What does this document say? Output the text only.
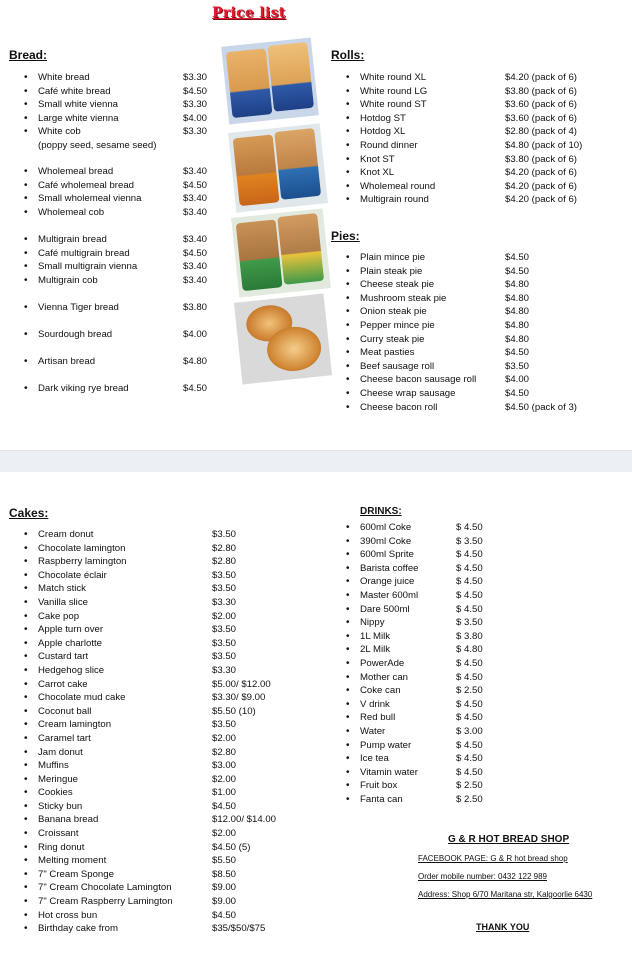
Price list
Bread:
• White bread	$3.30
• Café white bread	$4.50
• Small white vienna	$3.30
• Large white vienna	$4.00
• White cob	$3.30
(poppy seed, sesame seed)
• Wholemeal bread	$3.40
• Café wholemeal bread	$4.50
• Small wholemeal vienna	$3.40
• Wholemeal cob	$3.40
• Multigrain bread	$3.40
• Café multigrain bread	$4.50
• Small multigrain vienna	$3.40
• Multigrain cob	$3.40
• Vienna Tiger bread	$3.80
• Sourdough bread	$4.00
• Artisan bread	$4.80
• Dark viking rye bread	$4.50
Rolls:
• White round XL	$4.20 (pack of 6)
• White round LG	$3.80 (pack of 6)
• White round ST	$3.60 (pack of 6)
• Hotdog ST	$3.60 (pack of 6)
• Hotdog XL	$2.80 (pack of 4)
• Round dinner	$4.80 (pack of 10)
• Knot ST	$3.80 (pack of 6)
• Knot XL	$4.20 (pack of 6)
• Wholemeal round	$4.20 (pack of 6)
• Multigrain round	$4.20 (pack of 6)
Pies:
• Plain mince pie	$4.50
• Plain steak pie	$4.50
• Cheese steak pie	$4.80
• Mushroom steak pie	$4.80
• Onion steak pie	$4.80
• Pepper mince pie	$4.80
• Curry steak pie	$4.80
• Meat pasties	$4.50
• Beef sausage roll	$3.50
• Cheese bacon sausage roll	$4.00
• Cheese wrap sausage	$4.50
• Cheese bacon roll	$4.50 (pack of 3)
Cakes:
• Cream donut	$3.50
• Chocolate lamington	$2.80
• Raspberry lamington	$2.80
• Chocolate éclair	$3.50
• Match stick	$3.50
• Vanilla slice	$3.30
• Cake pop	$2.00
• Apple turn over	$3.50
• Apple charlotte	$3.50
• Custard tart	$3.50
• Hedgehog slice	$3.30
• Carrot cake	$5.00/ $12.00
• Chocolate mud cake	$3.30/ $9.00
• Coconut ball	$5.50 (10)
• Cream lamington	$3.50
• Caramel tart	$2.00
• Jam donut	$2.80
• Muffins	$3.00
• Meringue	$2.00
• Cookies	$1.00
• Sticky bun	$4.50
• Banana bread	$12.00/ $14.00
• Croissant	$2.00
• Ring donut	$4.50 (5)
• Melting moment	$5.50
• 7" Cream Sponge	$8.50
• 7" Cream Chocolate Lamington	$9.00
• 7" Cream Raspberry Lamington	$9.00
• Hot cross bun	$4.50
• Birthday cake from	$35/$50/$75
DRINKS:
• 600ml Coke	$ 4.50
• 390ml Coke	$ 3.50
• 600ml Sprite	$ 4.50
• Barista coffee	$ 4.50
• Orange juice	$ 4.50
• Master 600ml	$ 4.50
• Dare 500ml	$ 4.50
• Nippy	$ 3.50
• 1L Milk	$ 3.80
• 2L Milk	$ 4.80
• PowerAde	$ 4.50
• Mother can	$ 4.50
• Coke can	$ 2.50
• V drink	$ 4.50
• Red bull	$ 4.50
• Water	$ 3.00
• Pump water	$ 4.50
• Ice tea	$ 4.50
• Vitamin water	$ 4.50
• Fruit box	$ 2.50
• Fanta can	$ 2.50
G & R HOT BREAD SHOP
FACEBOOK PAGE: G & R hot bread shop
Order mobile number: 0432 122 989
Address: Shop 6/70 Maritana str, Kalgoorlie 6430
THANK YOU
